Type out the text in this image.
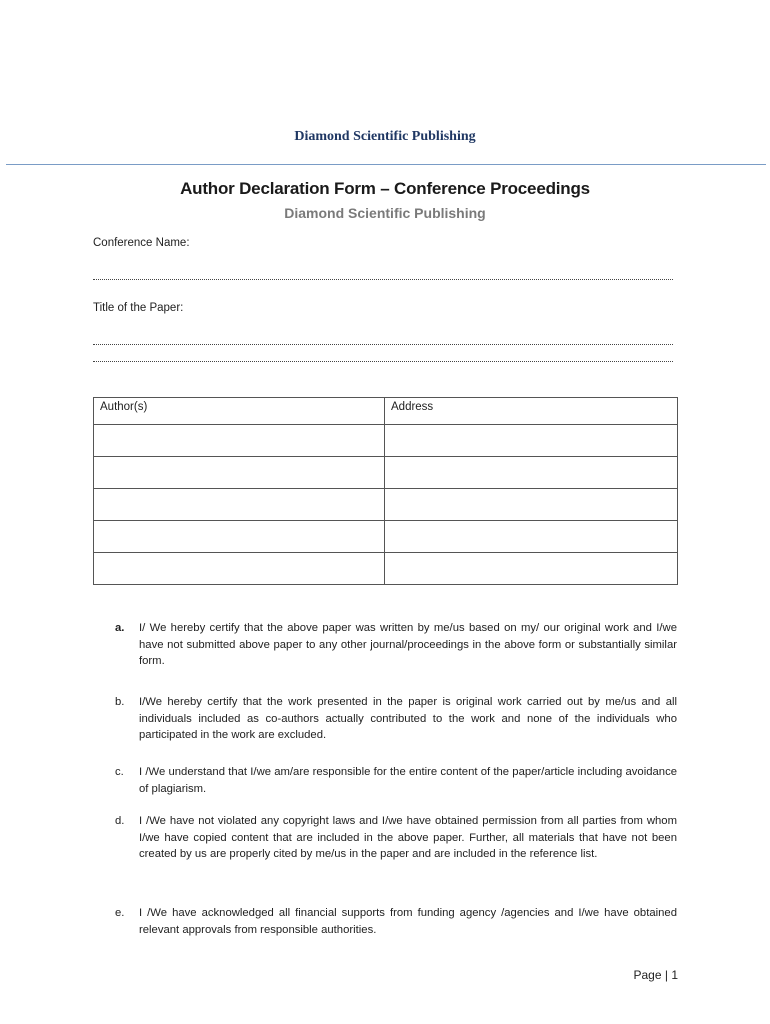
Diamond Scientific Publishing
Author Declaration Form – Conference Proceedings
Diamond Scientific Publishing
Conference Name:
Title of the Paper:
Author(s)	Address

a.	I/ We hereby certify that the above paper was written by me/us based on my/ our original work and I/we have not submitted above paper to any other journal/proceedings in the above form or substantially similar form.
b.	I/We hereby certify that the work presented in the paper is original work carried out by me/us and all individuals included as co-authors actually contributed to the work and none of the individuals who participated in the work are excluded.
c.	I /We understand that I/we am/are responsible for the entire content of the paper/article including avoidance of plagiarism.
d.	I /We have not violated any copyright laws and I/we have obtained permission from all parties from whom I/we have copied content that are included in the above paper. Further, all materials that have not been created by us are properly cited by me/us in the paper and are included in the reference list.
e.	I /We have acknowledged all financial supports from funding agency /agencies and I/we have obtained relevant approvals from responsible authorities.
Page | 1
